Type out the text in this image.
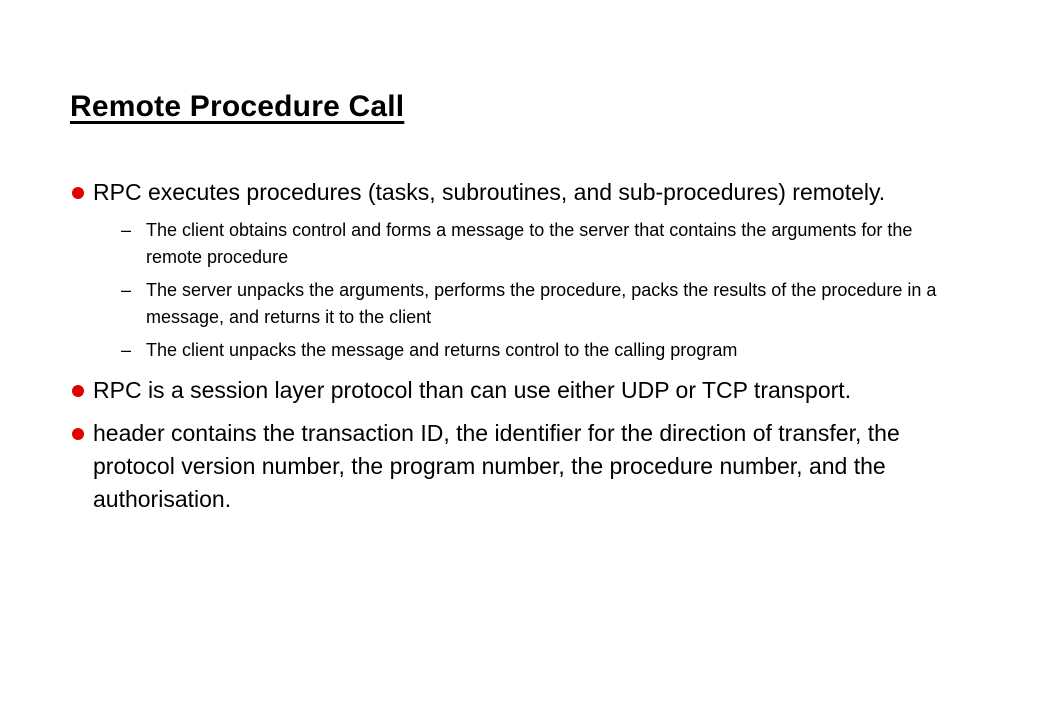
Remote Procedure Call
RPC executes procedures (tasks, subroutines, and sub-procedures) remotely.
– The client obtains control and forms a message to the server that contains the arguments for the remote procedure
– The server unpacks the arguments, performs the procedure, packs the results of the procedure in a message, and returns it to the client
– The client unpacks the message and returns control to the calling program
RPC is a session layer protocol than can use either UDP or TCP transport.
header contains the transaction ID, the identifier for the direction of transfer, the protocol version number, the program number, the procedure number, and the authorisation.
